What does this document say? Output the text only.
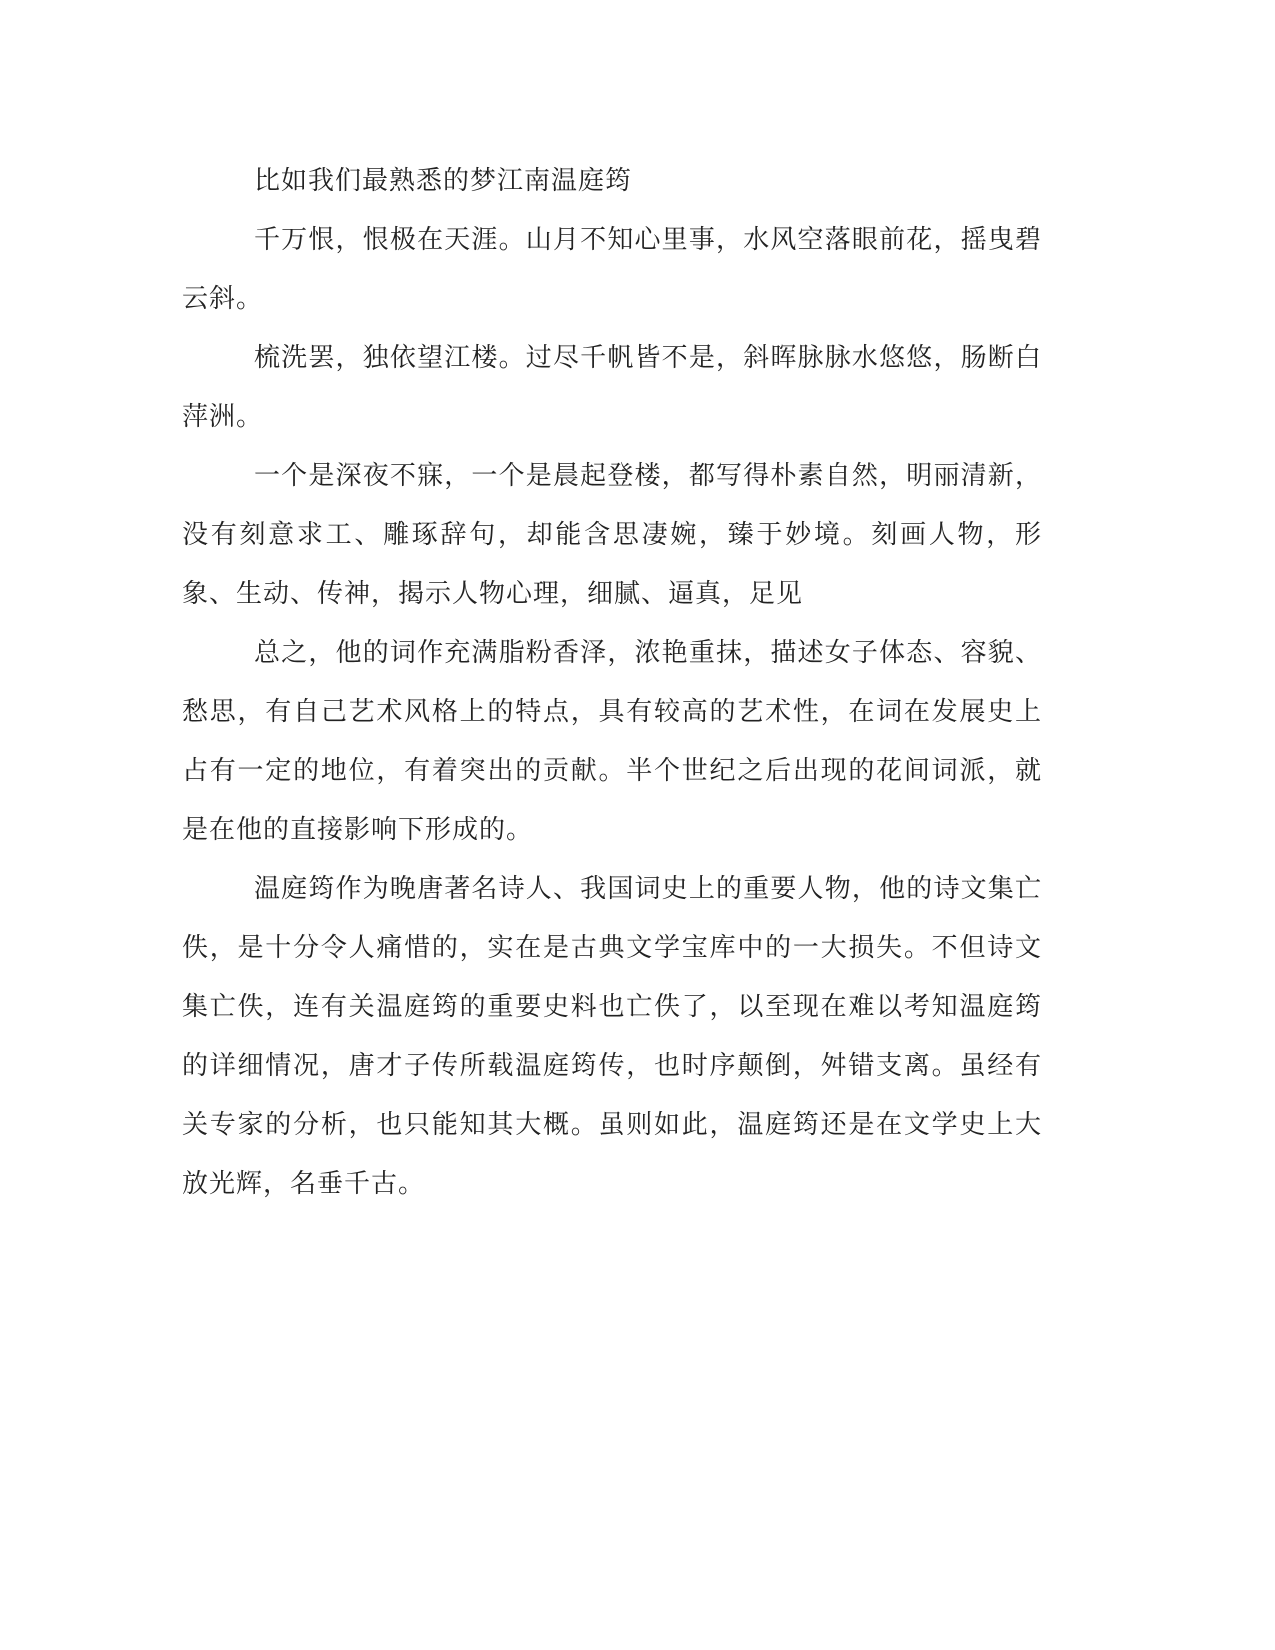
比如我们最熟悉的梦江南温庭筠

千万恨，恨极在天涯。山月不知心里事，水风空落眼前花，摇曳碧云斜。

梳洗罢，独依望江楼。过尽千帆皆不是，斜晖脉脉水悠悠，肠断白萍洲。

一个是深夜不寐，一个是晨起登楼，都写得朴素自然，明丽清新，没有刻意求工、雕琢辞句，却能含思凄婉，臻于妙境。刻画人物，形象、生动、传神，揭示人物心理，细腻、逼真，足见

总之，他的词作充满脂粉香泽，浓艳重抹，描述女子体态、容貌、愁思，有自己艺术风格上的特点，具有较高的艺术性，在词在发展史上占有一定的地位，有着突出的贡献。半个世纪之后出现的花间词派，就是在他的直接影响下形成的。

温庭筠作为晚唐著名诗人、我国词史上的重要人物，他的诗文集亡佚，是十分令人痛惜的，实在是古典文学宝库中的一大损失。不但诗文集亡佚，连有关温庭筠的重要史料也亡佚了，以至现在难以考知温庭筠的详细情况，唐才子传所载温庭筠传，也时序颠倒，舛错支离。虽经有关专家的分析，也只能知其大概。虽则如此，温庭筠还是在文学史上大放光辉，名垂千古。
